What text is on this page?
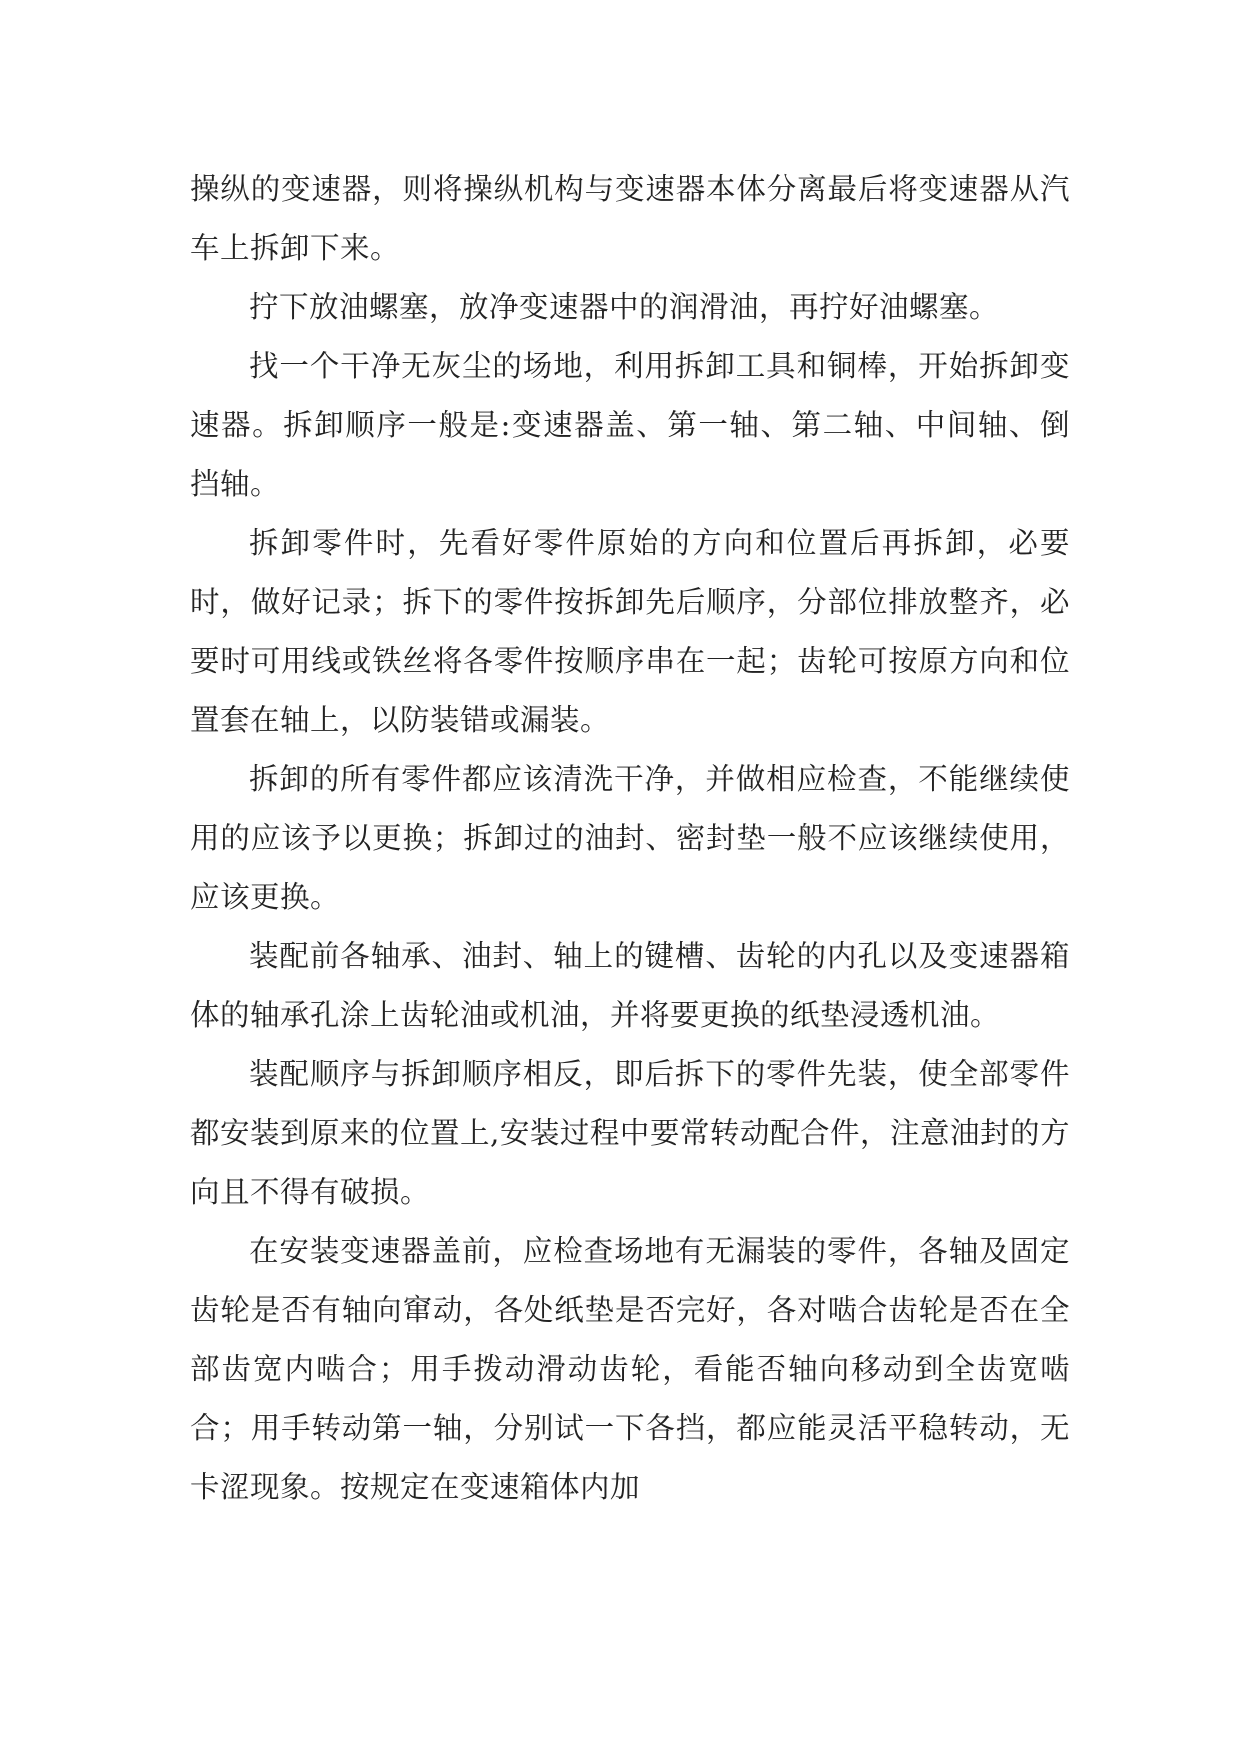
操纵的变速器，则将操纵机构与变速器本体分离最后将变速器从汽车上拆卸下来。

拧下放油螺塞，放净变速器中的润滑油，再拧好油螺塞。

找一个干净无灰尘的场地，利用拆卸工具和铜棒，开始拆卸变速器。拆卸顺序一般是:变速器盖、第一轴、第二轴、中间轴、倒挡轴。

拆卸零件时，先看好零件原始的方向和位置后再拆卸，必要时，做好记录；拆下的零件按拆卸先后顺序，分部位排放整齐，必要时可用线或铁丝将各零件按顺序串在一起；齿轮可按原方向和位置套在轴上，以防装错或漏装。

拆卸的所有零件都应该清洗干净，并做相应检查，不能继续使用的应该予以更换；拆卸过的油封、密封垫一般不应该继续使用，应该更换。

装配前各轴承、油封、轴上的键槽、齿轮的内孔以及变速器箱体的轴承孔涂上齿轮油或机油，并将要更换的纸垫浸透机油。

装配顺序与拆卸顺序相反，即后拆下的零件先装，使全部零件都安装到原来的位置上,安装过程中要常转动配合件，注意油封的方向且不得有破损。

在安装变速器盖前，应检查场地有无漏装的零件，各轴及固定齿轮是否有轴向窜动，各处纸垫是否完好，各对啮合齿轮是否在全部齿宽内啮合；用手拨动滑动齿轮，看能否轴向移动到全齿宽啮合；用手转动第一轴，分别试一下各挡，都应能灵活平稳转动，无卡涩现象。按规定在变速箱体内加
